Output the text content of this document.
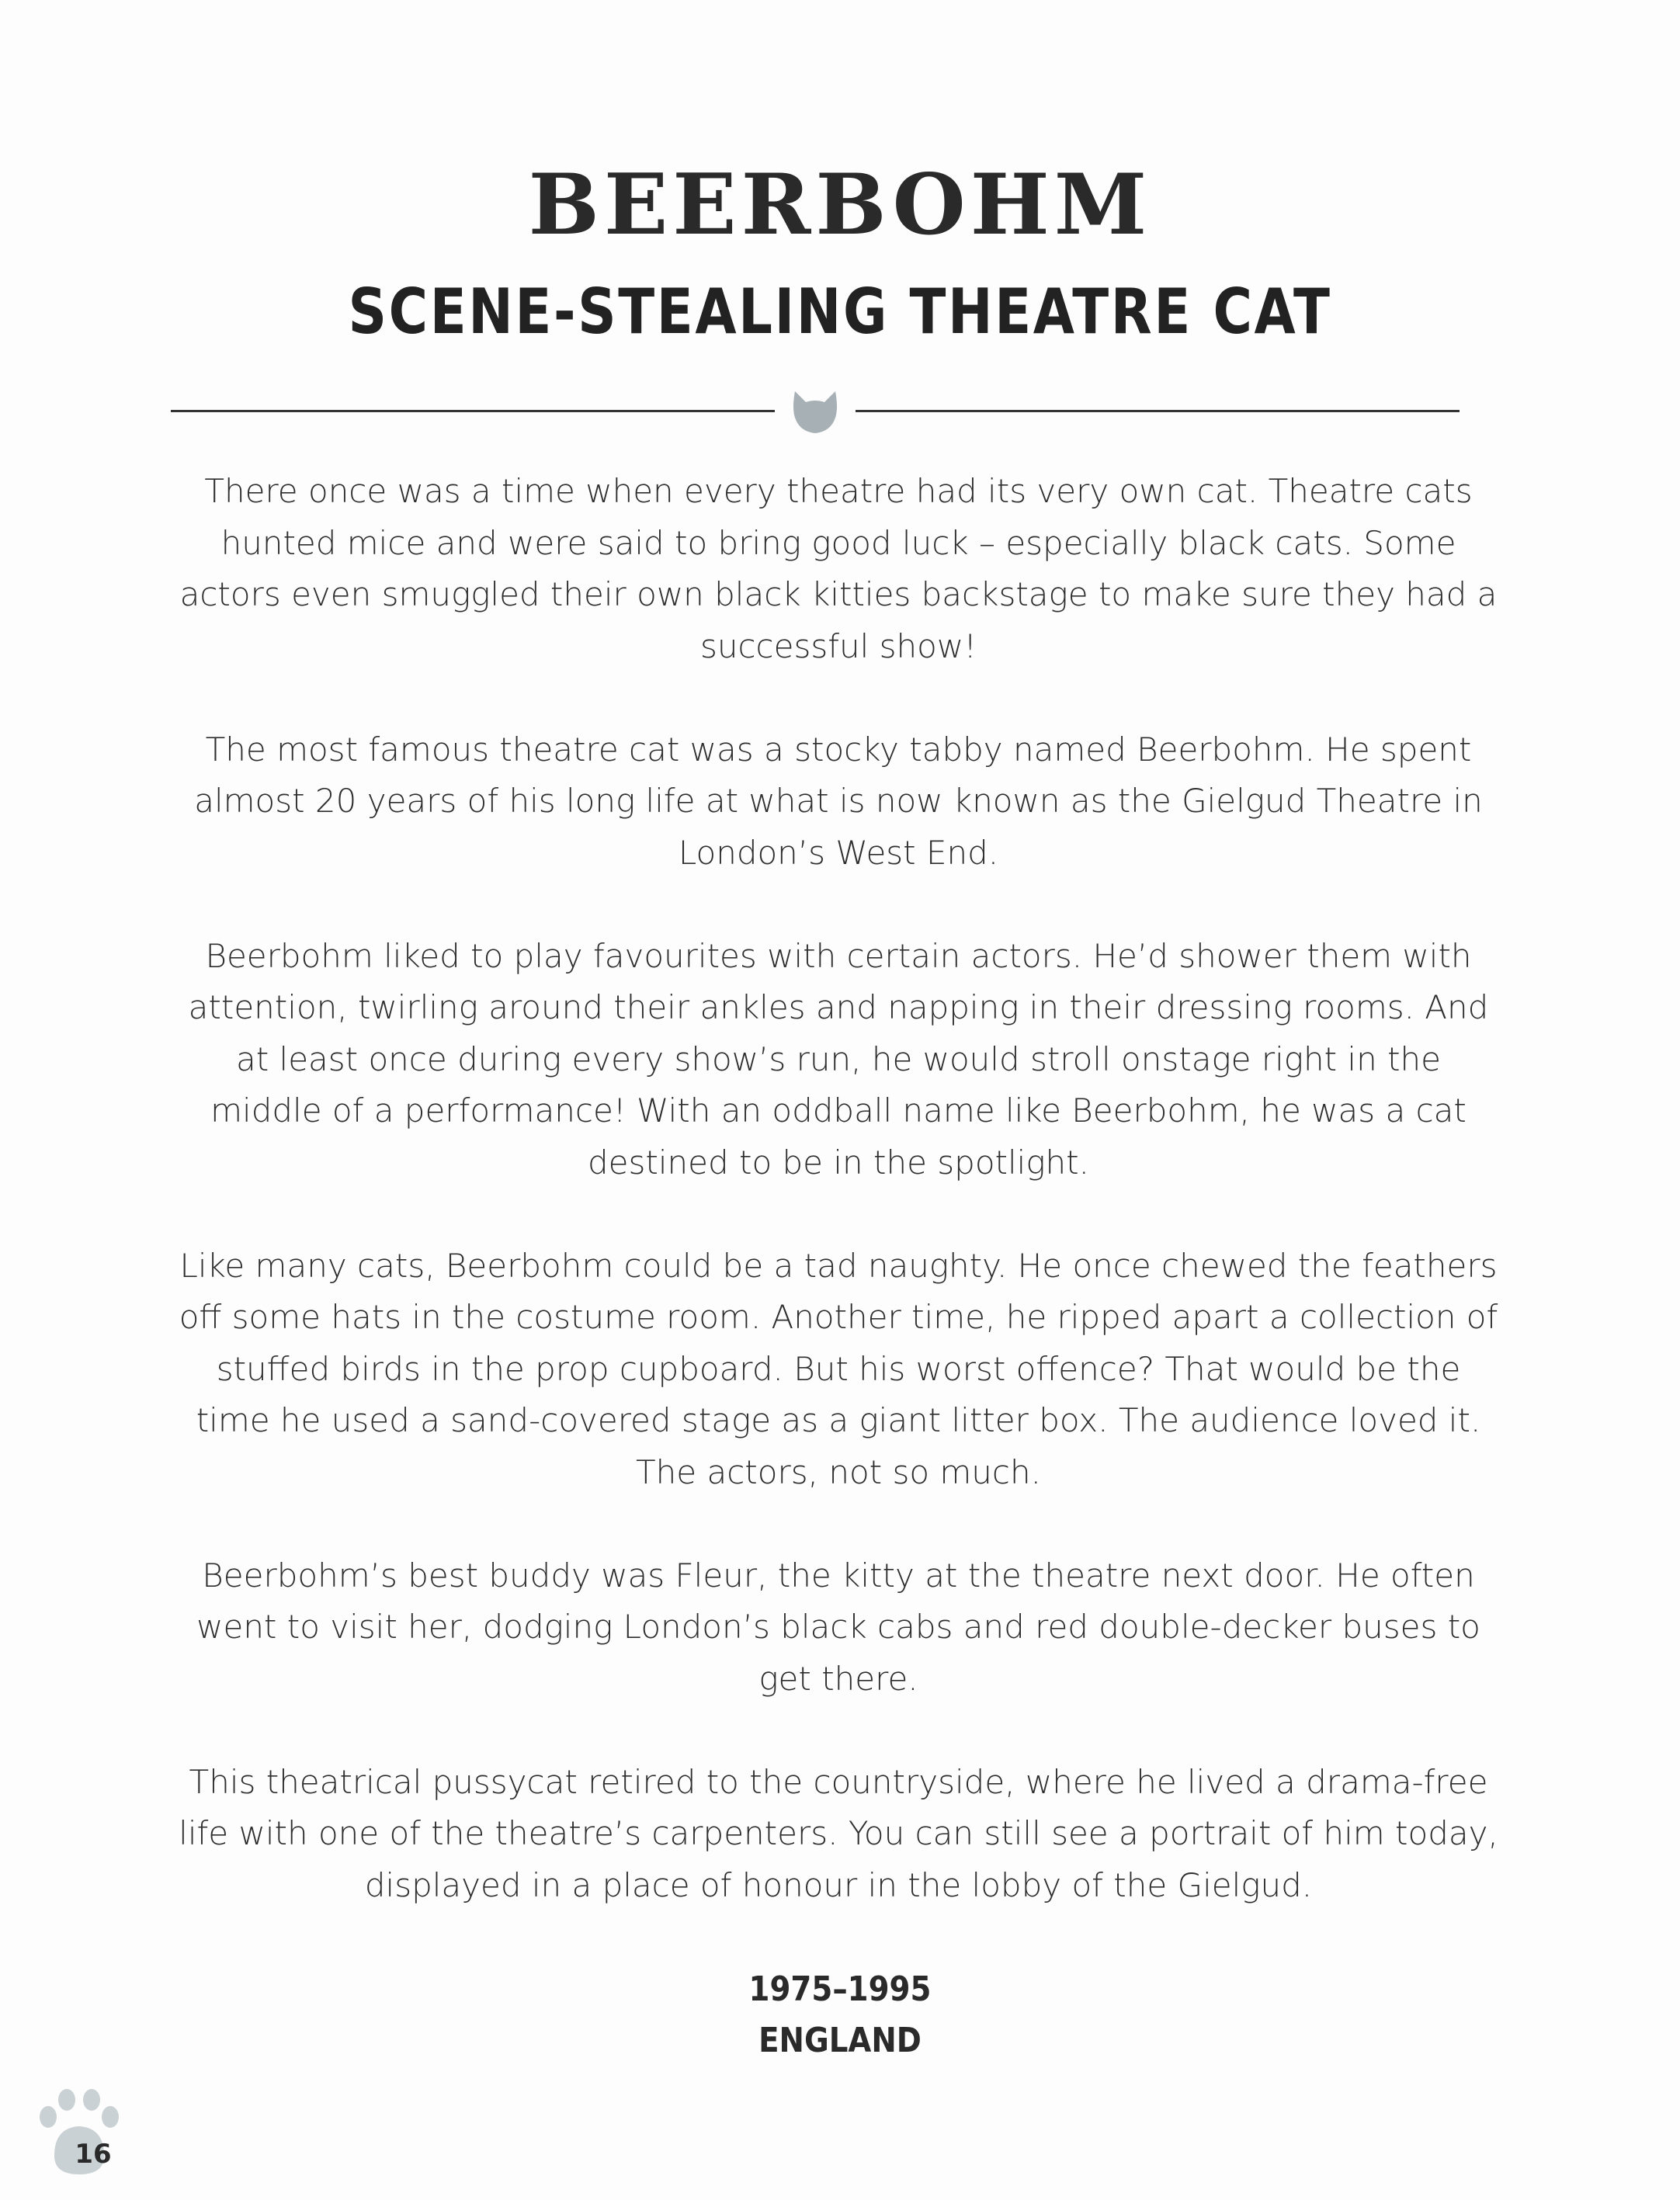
BEERBOHM
SCENE-STEALING THEATRE CAT

There once was a time when every theatre had its very own cat. Theatre cats hunted mice and were said to bring good luck – especially black cats. Some actors even smuggled their own black kitties backstage to make sure they had a successful show!

The most famous theatre cat was a stocky tabby named Beerbohm. He spent almost 20 years of his long life at what is now known as the Gielgud Theatre in London’s West End.

Beerbohm liked to play favourites with certain actors. He’d shower them with attention, twirling around their ankles and napping in their dressing rooms. And at least once during every show’s run, he would stroll onstage right in the middle of a performance! With an oddball name like Beerbohm, he was a cat destined to be in the spotlight.

Like many cats, Beerbohm could be a tad naughty. He once chewed the feathers off some hats in the costume room. Another time, he ripped apart a collection of stuffed birds in the prop cupboard. But his worst offence? That would be the time he used a sand-covered stage as a giant litter box. The audience loved it. The actors, not so much.

Beerbohm’s best buddy was Fleur, the kitty at the theatre next door. He often went to visit her, dodging London’s black cabs and red double-decker buses to get there.

This theatrical pussycat retired to the countryside, where he lived a drama-free life with one of the theatre’s carpenters. You can still see a portrait of him today, displayed in a place of honour in the lobby of the Gielgud.

1975–1995
ENGLAND
16
